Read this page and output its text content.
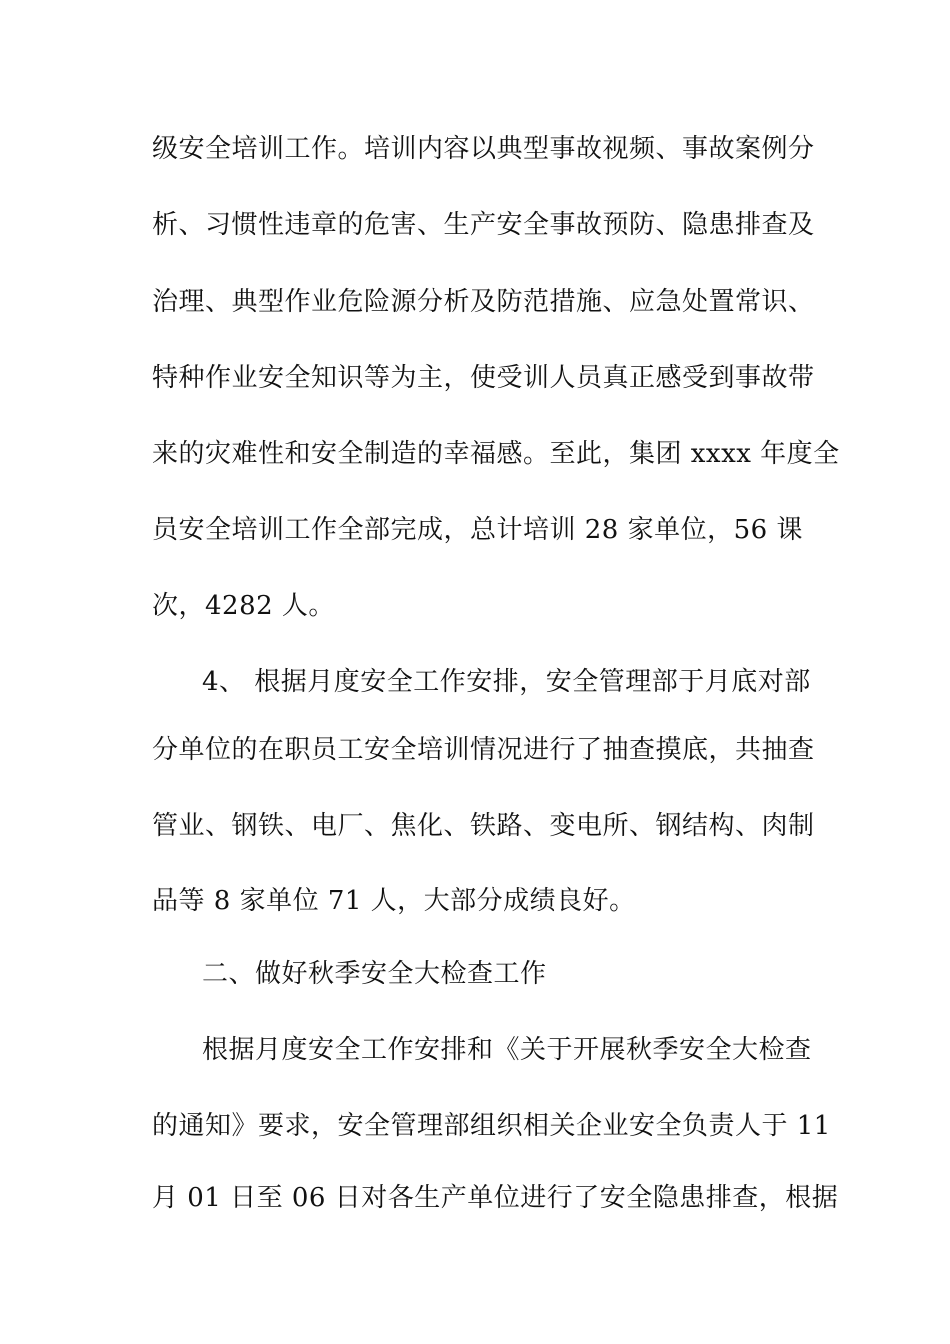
级安全培训工作。培训内容以典型事故视频、事故案例分
析、习惯性违章的危害、生产安全事故预防、隐患排查及
治理、典型作业危险源分析及防范措施、应急处置常识、
特种作业安全知识等为主，使受训人员真正感受到事故带
来的灾难性和安全制造的幸福感。至此，集团 xxxx 年度全
员安全培训工作全部完成，总计培训 28 家单位，56 课
次，4282 人。
4、 根据月度安全工作安排，安全管理部于月底对部
分单位的在职员工安全培训情况进行了抽查摸底，共抽查
管业、钢铁、电厂、焦化、铁路、变电所、钢结构、肉制
品等 8 家单位 71 人，大部分成绩良好。
二、做好秋季安全大检查工作
根据月度安全工作安排和《关于开展秋季安全大检查
的通知》要求，安全管理部组织相关企业安全负责人于 11
月 01 日至 06 日对各生产单位进行了安全隐患排查，根据
